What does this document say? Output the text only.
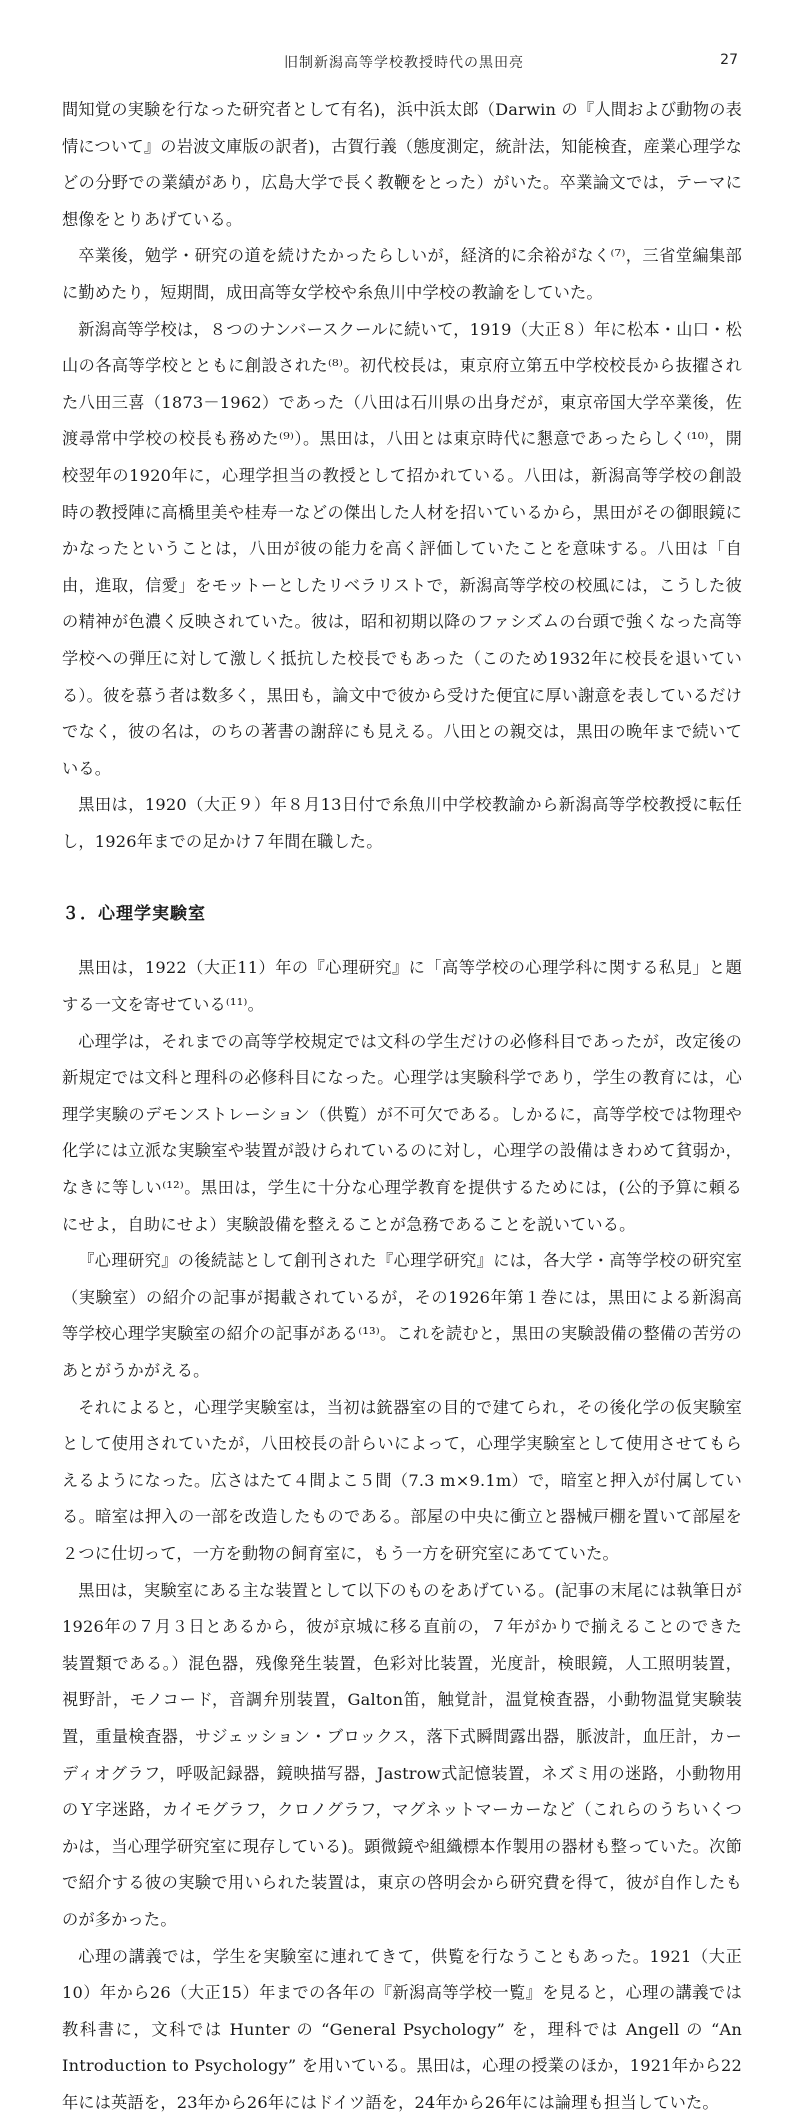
旧制新潟高等学校教授時代の黒田亮	27

間知覚の実験を行なった研究者として有名)，浜中浜太郎（Darwin の『人間および動物の表情について』の岩波文庫版の訳者)，古賀行義（態度測定，統計法，知能検査，産業心理学などの分野での業績があり，広島大学で長く教鞭をとった）がいた。卒業論文では，テーマに想像をとりあげている。

卒業後，勉学・研究の道を続けたかったらしいが，経済的に余裕がなく⁽⁷⁾，三省堂編集部に勤めたり，短期間，成田高等女学校や糸魚川中学校の教諭をしていた。

新潟高等学校は，８つのナンバースクールに続いて，1919（大正８）年に松本・山口・松山の各高等学校とともに創設された⁽⁸⁾。初代校長は，東京府立第五中学校校長から抜擢された八田三喜（1873－1962）であった（八田は石川県の出身だが，東京帝国大学卒業後，佐渡尋常中学校の校長も務めた⁽⁹⁾）。黒田は，八田とは東京時代に懇意であったらしく⁽¹⁰⁾，開校翌年の1920年に，心理学担当の教授として招かれている。八田は，新潟高等学校の創設時の教授陣に高橋里美や桂寿一などの傑出した人材を招いているから，黒田がその御眼鏡にかなったということは，八田が彼の能力を高く評価していたことを意味する。八田は「自由，進取，信愛」をモットーとしたリベラリストで，新潟高等学校の校風には，こうした彼の精神が色濃く反映されていた。彼は，昭和初期以降のファシズムの台頭で強くなった高等学校への弾圧に対して激しく抵抗した校長でもあった（このため1932年に校長を退いている）。彼を慕う者は数多く，黒田も，論文中で彼から受けた便宜に厚い謝意を表しているだけでなく，彼の名は，のちの著書の謝辞にも見える。八田との親交は，黒田の晩年まで続いている。

黒田は，1920（大正９）年８月13日付で糸魚川中学校教諭から新潟高等学校教授に転任し，1926年までの足かけ７年間在職した。

３．心理学実験室

黒田は，1922（大正11）年の『心理研究』に「高等学校の心理学科に関する私見」と題する一文を寄せている⁽¹¹⁾。

心理学は，それまでの高等学校規定では文科の学生だけの必修科目であったが，改定後の新規定では文科と理科の必修科目になった。心理学は実験科学であり，学生の教育には，心理学実験のデモンストレーション（供覧）が不可欠である。しかるに，高等学校では物理や化学には立派な実験室や装置が設けられているのに対し，心理学の設備はきわめて貧弱か，なきに等しい⁽¹²⁾。黒田は，学生に十分な心理学教育を提供するためには，(公的予算に頼るにせよ，自助にせよ）実験設備を整えることが急務であることを説いている。

『心理研究』の後続誌として創刊された『心理学研究』には，各大学・高等学校の研究室（実験室）の紹介の記事が掲載されているが，その1926年第１巻には，黒田による新潟高等学校心理学実験室の紹介の記事がある⁽¹³⁾。これを読むと，黒田の実験設備の整備の苦労のあとがうかがえる。

それによると，心理学実験室は，当初は銃器室の目的で建てられ，その後化学の仮実験室として使用されていたが，八田校長の計らいによって，心理学実験室として使用させてもらえるようになった。広さはたて４間よこ５間（7.3 m×9.1m）で，暗室と押入が付属している。暗室は押入の一部を改造したものである。部屋の中央に衝立と器械戸棚を置いて部屋を２つに仕切って，一方を動物の飼育室に，もう一方を研究室にあてていた。

黒田は，実験室にある主な装置として以下のものをあげている。(記事の末尾には執筆日が1926年の７月３日とあるから，彼が京城に移る直前の，７年がかりで揃えることのできた装置類である。）混色器，残像発生装置，色彩対比装置，光度計，検眼鏡，人工照明装置，視野計，モノコード，音調弁別装置，Galton笛，触覚計，温覚検査器，小動物温覚実験装置，重量検査器，サジェッション・ブロックス，落下式瞬間露出器，脈波計，血圧計，カーディオグラフ，呼吸記録器，鏡映描写器，Jastrow式記憶装置，ネズミ用の迷路，小動物用のＹ字迷路，カイモグラフ，クロノグラフ，マグネットマーカーなど（これらのうちいくつかは，当心理学研究室に現存している)。顕微鏡や組織標本作製用の器材も整っていた。次節で紹介する彼の実験で用いられた装置は，東京の啓明会から研究費を得て，彼が自作したものが多かった。

心理の講義では，学生を実験室に連れてきて，供覧を行なうこともあった。1921（大正10）年から26（大正15）年までの各年の『新潟高等学校一覧』を見ると，心理の講義では教科書に，文科では Hunter の “General Psychology” を，理科では Angell の “An Introduction to Psychology” を用いている。黒田は，心理の授業のほか，1921年から22年には英語を，23年から26年にはドイツ語を，24年から26年には論理も担当していた。
